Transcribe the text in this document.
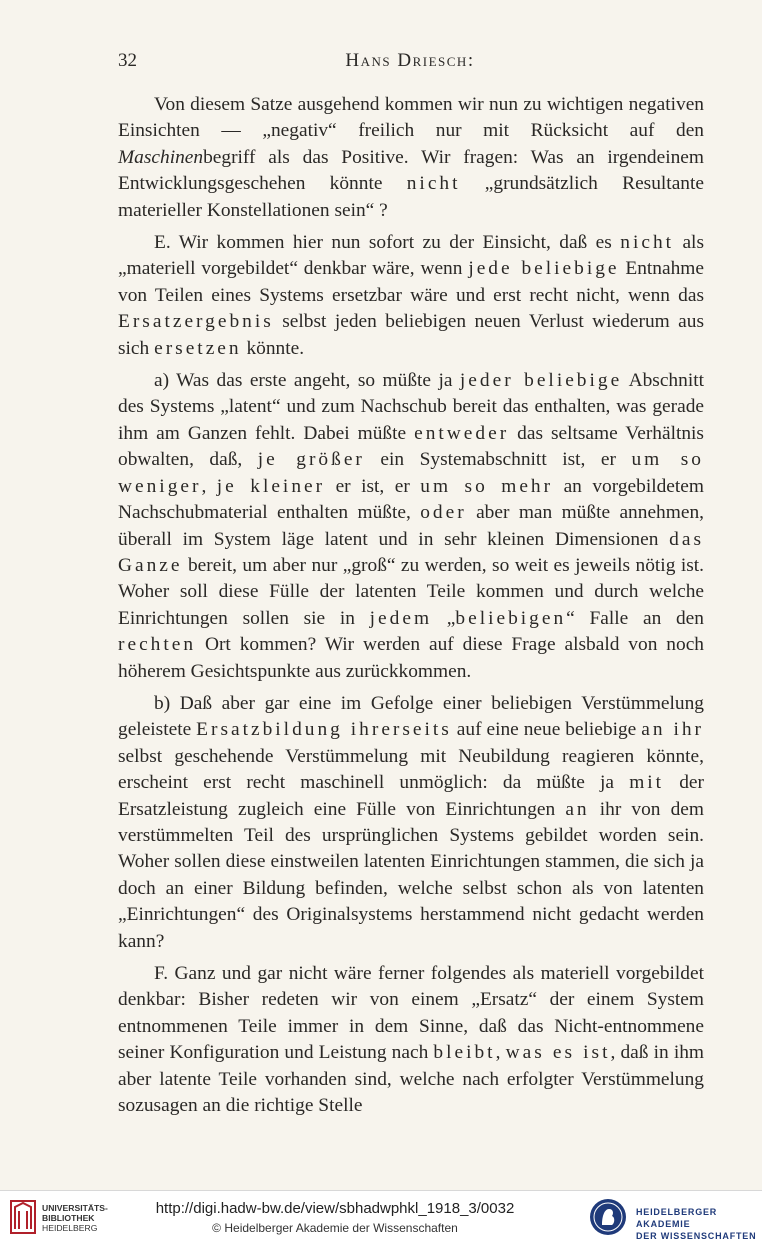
32	Hans Driesch:

Von diesem Satze ausgehend kommen wir nun zu wichtigen negativen Einsichten — „negativ“ freilich nur mit Rücksicht auf den Maschinenbegriff als das Positive. Wir fragen: Was an irgendeinem Entwicklungsgeschehen könnte nicht „grundsätzlich Resultante materieller Konstellationen sein“ ?

E. Wir kommen hier nun sofort zu der Einsicht, daß es nicht als „materiell vorgebildet“ denkbar wäre, wenn jede beliebige Entnahme von Teilen eines Systems ersetzbar wäre und erst recht nicht, wenn das Ersatzergebnis selbst jeden beliebigen neuen Verlust wiederum aus sich ersetzen könnte.

a) Was das erste angeht, so müßte ja jeder beliebige Abschnitt des Systems „latent“ und zum Nachschub bereit das enthalten, was gerade ihm am Ganzen fehlt. Dabei müßte entweder das seltsame Verhältnis obwalten, daß, je größer ein Systemabschnitt ist, er um so weniger, je kleiner er ist, er um so mehr an vorgebildetem Nachschubmaterial enthalten müßte, oder aber man müßte annehmen, überall im System läge latent und in sehr kleinen Dimensionen das Ganze bereit, um aber nur „groß“ zu werden, so weit es jeweils nötig ist. Woher soll diese Fülle der latenten Teile kommen und durch welche Einrichtungen sollen sie in jedem „beliebigen“ Falle an den rechten Ort kommen? Wir werden auf diese Frage alsbald von noch höherem Gesichtspunkte aus zurückkommen.

b) Daß aber gar eine im Gefolge einer beliebigen Verstümmelung geleistete Ersatzbildung ihrerseits auf eine neue beliebige an ihr selbst geschehende Verstümmelung mit Neubildung reagieren könnte, erscheint erst recht maschinell unmöglich: da müßte ja mit der Ersatzleistung zugleich eine Fülle von Einrichtungen an ihr von dem verstümmelten Teil des ursprünglichen Systems gebildet worden sein. Woher sollen diese einstweilen latenten Einrichtungen stammen, die sich ja doch an einer Bildung befinden, welche selbst schon als von latenten „Einrichtungen“ des Originalsystems herstammend nicht gedacht werden kann?

F. Ganz und gar nicht wäre ferner folgendes als materiell vorgebildet denkbar: Bisher redeten wir von einem „Ersatz“ der einem System entnommenen Teile immer in dem Sinne, daß das Nicht-entnommene seiner Konfiguration und Leistung nach bleibt, was es ist, daß in ihm aber latente Teile vorhanden sind, welche nach erfolgter Verstümmelung sozusagen an die richtige Stelle

UNIVERSITÄTS-
BIBLIOTHEK
HEIDELBERG
http://digi.hadw-bw.de/view/sbhadwphkl_1918_3/0032
© Heidelberger Akademie der Wissenschaften
HEIDELBERGER AKADEMIE
DER WISSENSCHAFTEN
